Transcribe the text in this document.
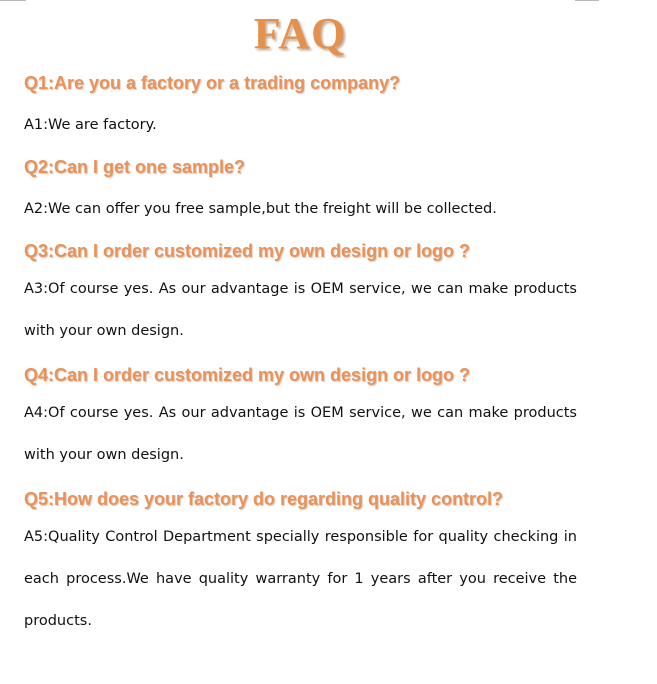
FAQ

Q1:Are you a factory or a trading company?

A1:We are factory.

Q2:Can I get one sample?

A2:We can offer you free sample,but the freight will be collected.

Q3:Can I order customized my own design or logo ?

A3:Of course yes. As our advantage is OEM service, we can make products with your own design.

Q4:Can I order customized my own design or logo ?

A4:Of course yes. As our advantage is OEM service, we can make products with your own design.

Q5:How does your factory do regarding quality control?

A5:Quality Control Department specially responsible for quality checking in each process.We have quality warranty for 1 years after you receive the products.
